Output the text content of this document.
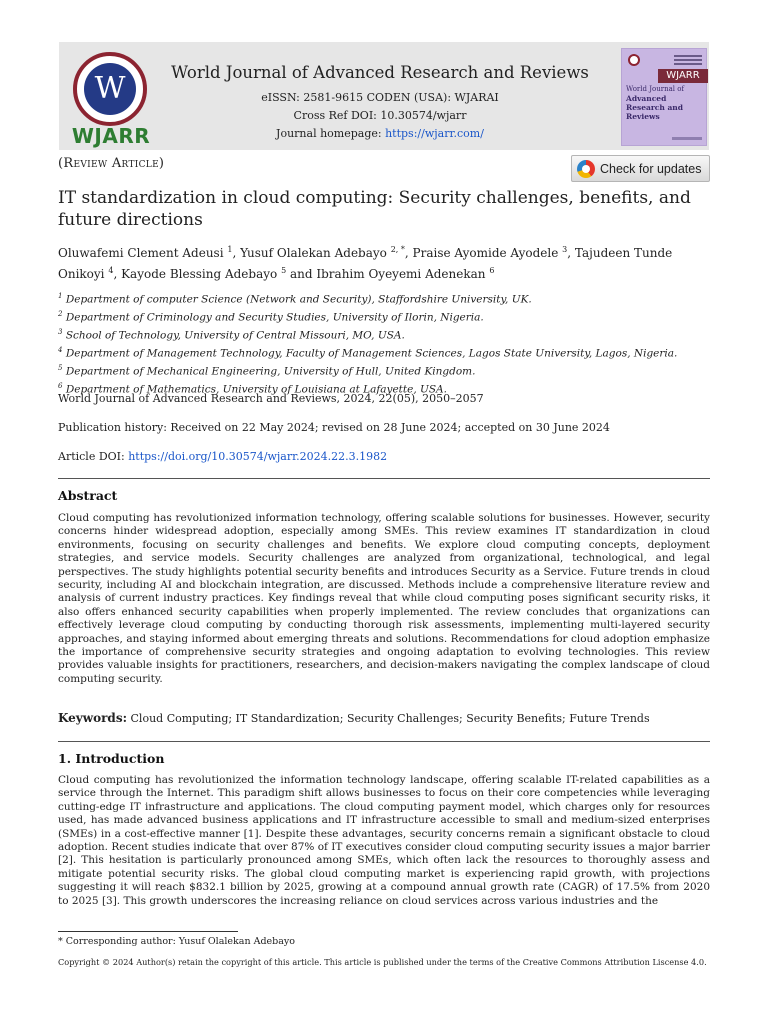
W
WJARR
World Journal of Advanced Research and Reviews
eISSN: 2581-9615 CODEN (USA): WJARAI
Cross Ref DOI: 10.30574/wjarr
Journal homepage: https://wjarr.com/
WJARR
World Journal of
Advanced
Research and
Reviews
(Review Article)	Check for updates
IT standardization in cloud computing: Security challenges, benefits, and future directions
Oluwafemi Clement Adeusi $^1$, Yusuf Olalekan Adebayo $^{2, *}$, Praise Ayomide Ayodele $^3$, Tajudeen Tunde Onikoyi $^4$, Kayode Blessing Adebayo $^5$ and Ibrahim Oyeyemi Adenekan $^6$
$^1$ Department of computer Science (Network and Security), Staffordshire University, UK.
$^2$ Department of Criminology and Security Studies, University of Ilorin, Nigeria.
$^3$ School of Technology, University of Central Missouri, MO, USA.
$^4$ Department of Management Technology, Faculty of Management Sciences, Lagos State University, Lagos, Nigeria.
$^5$ Department of Mechanical Engineering, University of Hull, United Kingdom.
$^6$ Department of Mathematics, University of Louisiana at Lafayette, USA.
World Journal of Advanced Research and Reviews, 2024, 22(05), 2050–2057
Publication history: Received on 22 May 2024; revised on 28 June 2024; accepted on 30 June 2024
Article DOI: https://doi.org/10.30574/wjarr.2024.22.3.1982
Abstract
Cloud computing has revolutionized information technology, offering scalable solutions for businesses. However, security concerns hinder widespread adoption, especially among SMEs. This review examines IT standardization in cloud environments, focusing on security challenges and benefits. We explore cloud computing concepts, deployment strategies, and service models. Security challenges are analyzed from organizational, technological, and legal perspectives. The study highlights potential security benefits and introduces Security as a Service. Future trends in cloud security, including AI and blockchain integration, are discussed. Methods include a comprehensive literature review and analysis of current industry practices. Key findings reveal that while cloud computing poses significant security risks, it also offers enhanced security capabilities when properly implemented. The review concludes that organizations can effectively leverage cloud computing by conducting thorough risk assessments, implementing multi-layered security approaches, and staying informed about emerging threats and solutions. Recommendations for cloud adoption emphasize the importance of comprehensive security strategies and ongoing adaptation to evolving technologies. This review provides valuable insights for practitioners, researchers, and decision-makers navigating the complex landscape of cloud computing security.
Keywords: Cloud Computing; IT Standardization; Security Challenges; Security Benefits; Future Trends
1. Introduction
Cloud computing has revolutionized the information technology landscape, offering scalable IT-related capabilities as a service through the Internet. This paradigm shift allows businesses to focus on their core competencies while leveraging cutting-edge IT infrastructure and applications. The cloud computing payment model, which charges only for resources used, has made advanced business applications and IT infrastructure accessible to small and medium-sized enterprises (SMEs) in a cost-effective manner [1]. Despite these advantages, security concerns remain a significant obstacle to cloud adoption. Recent studies indicate that over 87% of IT executives consider cloud computing security issues a major barrier [2]. This hesitation is particularly pronounced among SMEs, which often lack the resources to thoroughly assess and mitigate potential security risks. The global cloud computing market is experiencing rapid growth, with projections suggesting it will reach $832.1 billion by 2025, growing at a compound annual growth rate (CAGR) of 17.5% from 2020 to 2025 [3]. This growth underscores the increasing reliance on cloud services across various industries and the
* Corresponding author: Yusuf Olalekan Adebayo
Copyright © 2024 Author(s) retain the copyright of this article. This article is published under the terms of the Creative Commons Attribution Liscense 4.0.
